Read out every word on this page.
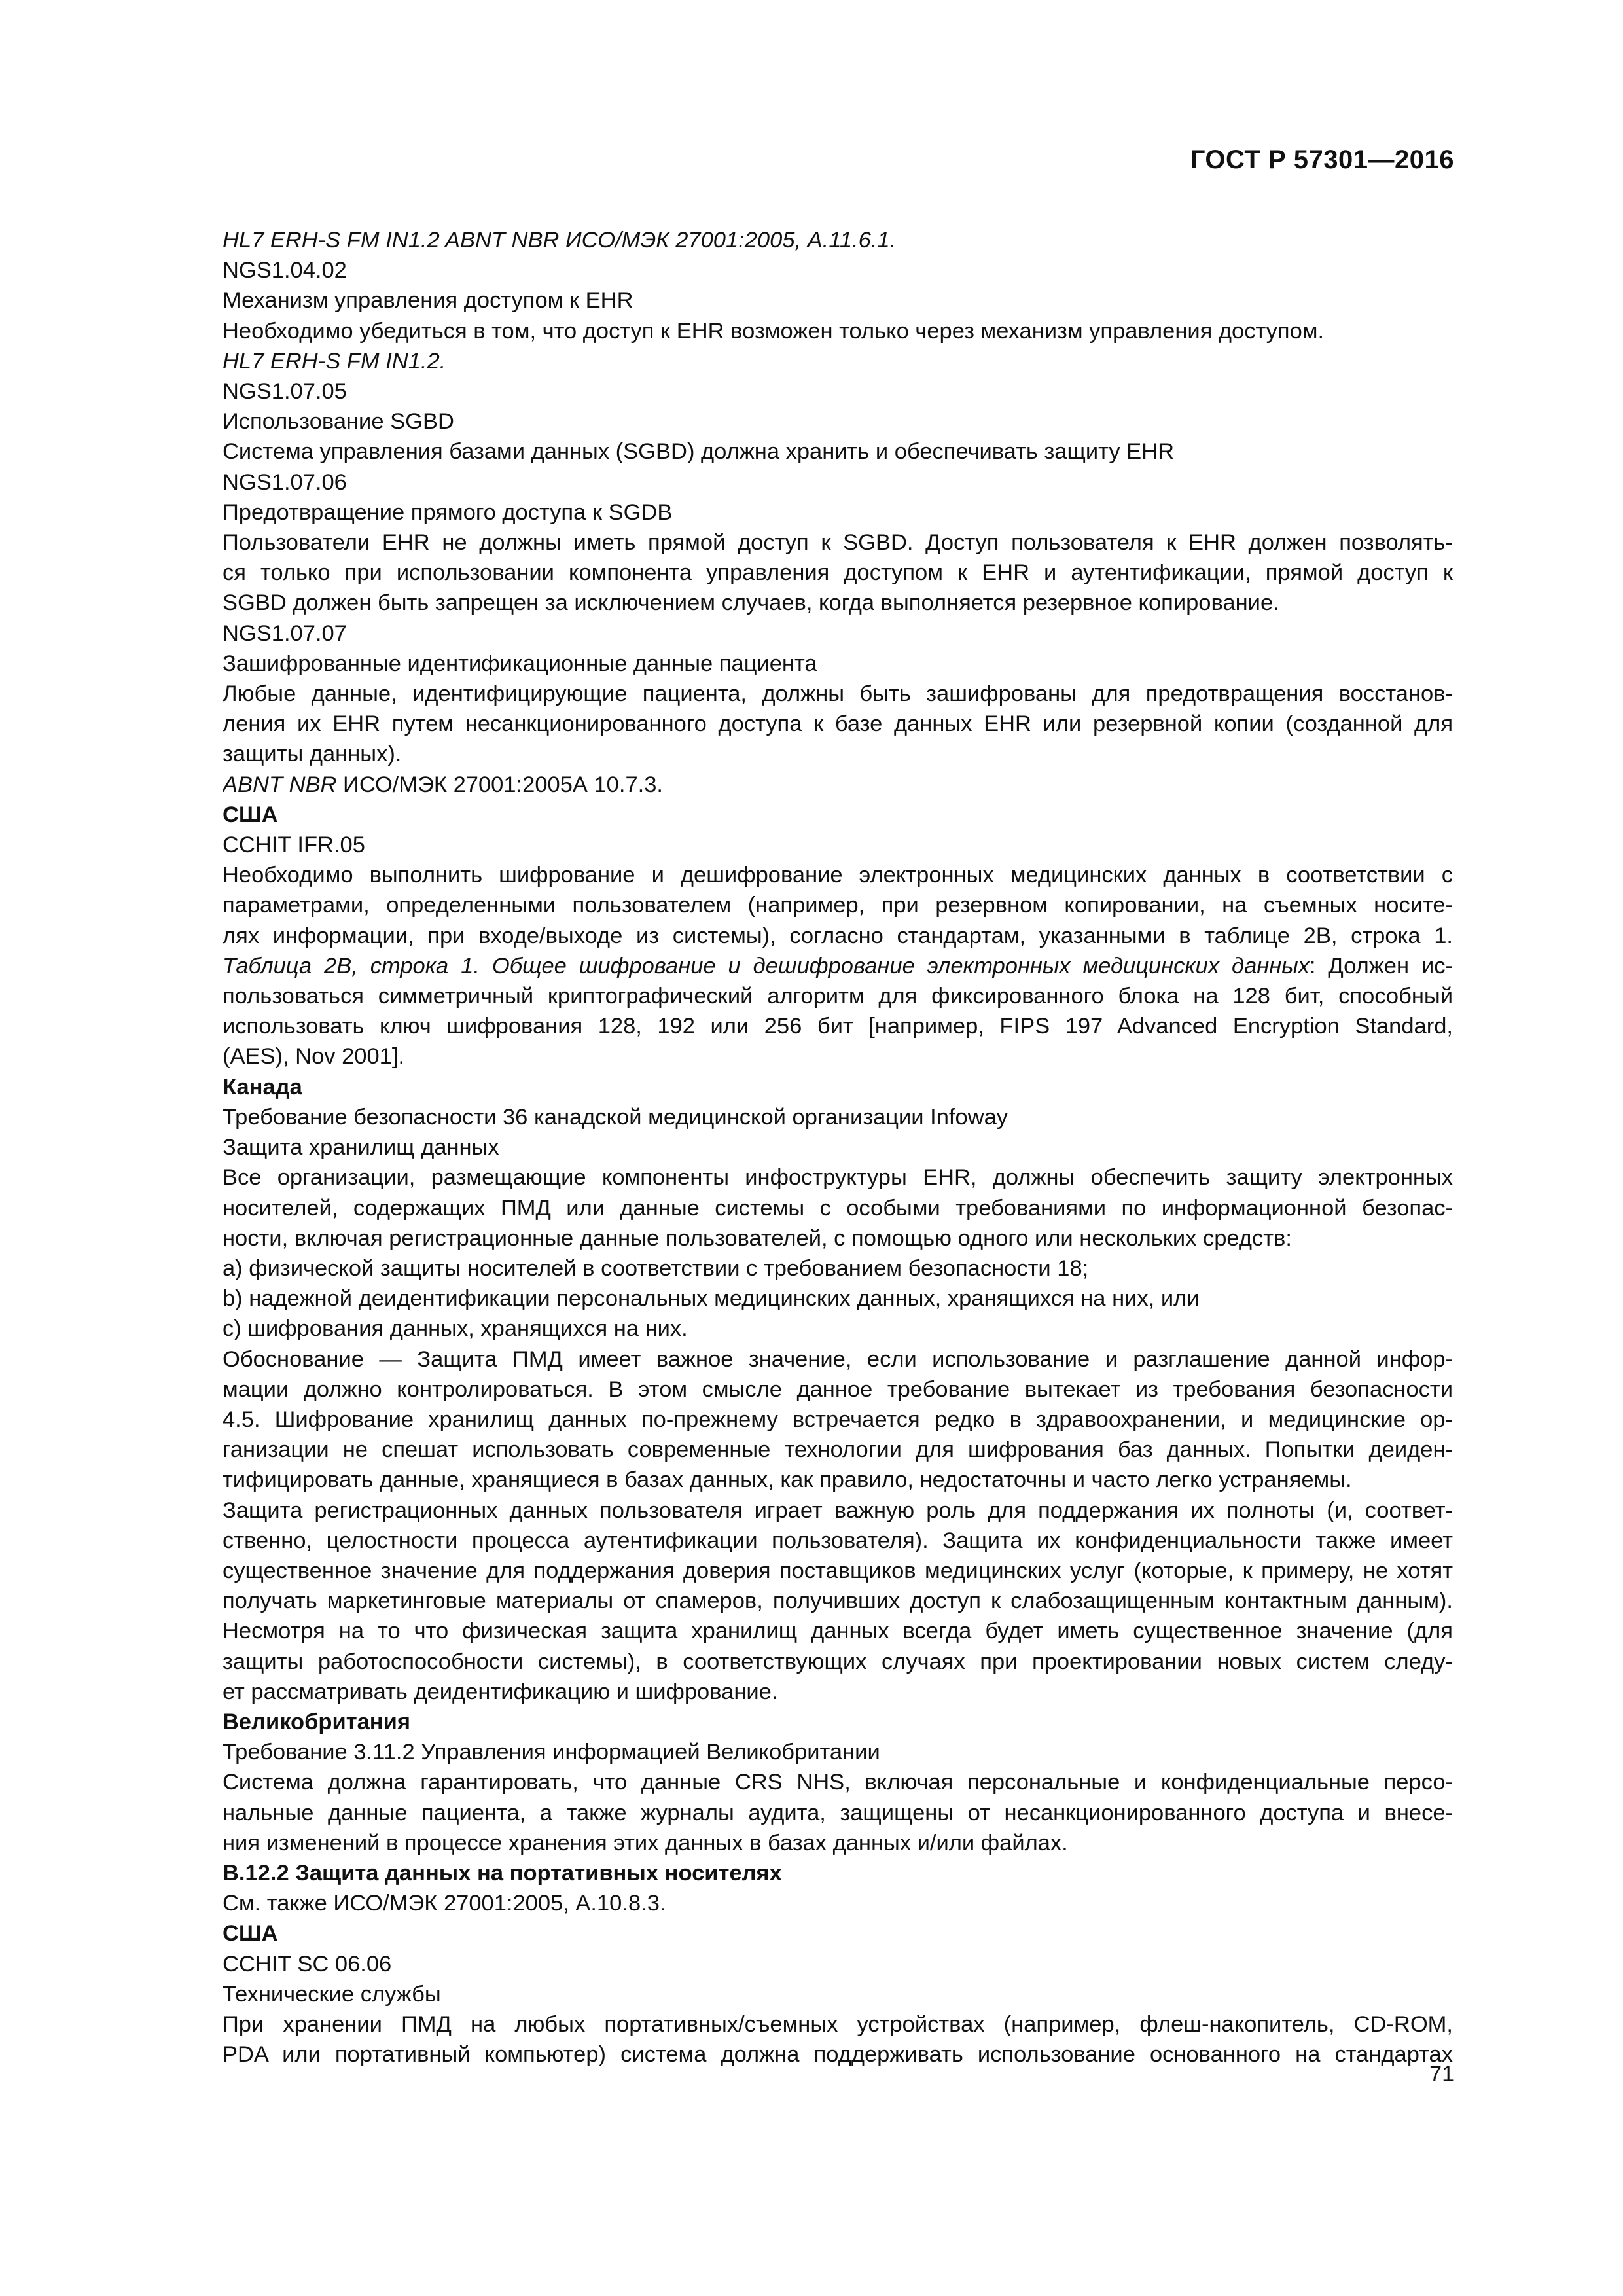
ГОСТ Р 57301—2016
HL7 ERH-S FM IN1.2 ABNT NBR ИСО/МЭК 27001:2005, А.11.6.1.
NGS1.04.02
Механизм управления доступом к EHR
Необходимо убедиться в том, что доступ к EHR возможен только через механизм управления доступом.
HL7 ERH-S FM IN1.2.
NGS1.07.05
Использование SGBD
Система управления базами данных (SGBD) должна хранить и обеспечивать защиту EHR
NGS1.07.06
Предотвращение прямого доступа к SGDB
Пользователи EHR не должны иметь прямой доступ к SGBD. Доступ пользователя к EHR должен позволять-
ся только при использовании компонента управления доступом к EHR и аутентификации, прямой доступ к
SGBD должен быть запрещен за исключением случаев, когда выполняется резервное копирование.
NGS1.07.07
Зашифрованные идентификационные данные пациента
Любые данные, идентифицирующие пациента, должны быть зашифрованы для предотвращения восстанов-
ления их EHR путем несанкционированного доступа к базе данных EHR или резервной копии (созданной для
защиты данных).
ABNT NBR ИСО/МЭК 27001:2005А 10.7.3.
США
CCHIT IFR.05
Необходимо выполнить шифрование и дешифрование электронных медицинских данных в соответствии с
параметрами, определенными пользователем (например, при резервном копировании, на съемных носите-
лях информации, при входе/выходе из системы), согласно стандартам, указанными в таблице 2В, строка 1.
Таблица 2В, строка 1. Общее шифрование и дешифрование электронных медицинских данных: Должен ис-
пользоваться симметричный криптографический алгоритм для фиксированного блока на 128 бит, способный
использовать ключ шифрования 128, 192 или 256 бит [например, FIPS 197 Advanced Encryption Standard,
(AES), Nov 2001].
Канада
Требование безопасности 36 канадской медицинской организации Infoway
Защита хранилищ данных
Все организации, размещающие компоненты инфоструктуры EHR, должны обеспечить защиту электронных
носителей, содержащих ПМД или данные системы с особыми требованиями по информационной безопас-
ности, включая регистрационные данные пользователей, с помощью одного или нескольких средств:
a) физической защиты носителей в соответствии с требованием безопасности 18;
b) надежной деидентификации персональных медицинских данных, хранящихся на них, или
c) шифрования данных, хранящихся на них.
Обоснование — Защита ПМД имеет важное значение, если использование и разглашение данной инфор-
мации должно контролироваться. В этом смысле данное требование вытекает из требования безопасности
4.5. Шифрование хранилищ данных по-прежнему встречается редко в здравоохранении, и медицинские ор-
ганизации не спешат использовать современные технологии для шифрования баз данных. Попытки деиден-
тифицировать данные, хранящиеся в базах данных, как правило, недостаточны и часто легко устраняемы.
Защита регистрационных данных пользователя играет важную роль для поддержания их полноты (и, соответ-
ственно, целостности процесса аутентификации пользователя). Защита их конфиденциальности также имеет
существенное значение для поддержания доверия поставщиков медицинских услуг (которые, к примеру, не хотят
получать маркетинговые материалы от спамеров, получивших доступ к слабозащищенным контактным данным).
Несмотря на то что физическая защита хранилищ данных всегда будет иметь существенное значение (для
защиты работоспособности системы), в соответствующих случаях при проектировании новых систем следу-
ет рассматривать деидентификацию и шифрование.
Великобритания
Требование 3.11.2 Управления информацией Великобритании
Система должна гарантировать, что данные CRS NHS, включая персональные и конфиденциальные персо-
нальные данные пациента, а также журналы аудита, защищены от несанкционированного доступа и внесе-
ния изменений в процессе хранения этих данных в базах данных и/или файлах.
В.12.2 Защита данных на портативных носителях
См. также ИСО/МЭК 27001:2005, А.10.8.3.
США
CCHIT SC 06.06
Технические службы
При хранении ПМД на любых портативных/съемных устройствах (например, флеш-накопитель, CD-ROM,
PDA или портативный компьютер) система должна поддерживать использование основанного на стандартах
71
